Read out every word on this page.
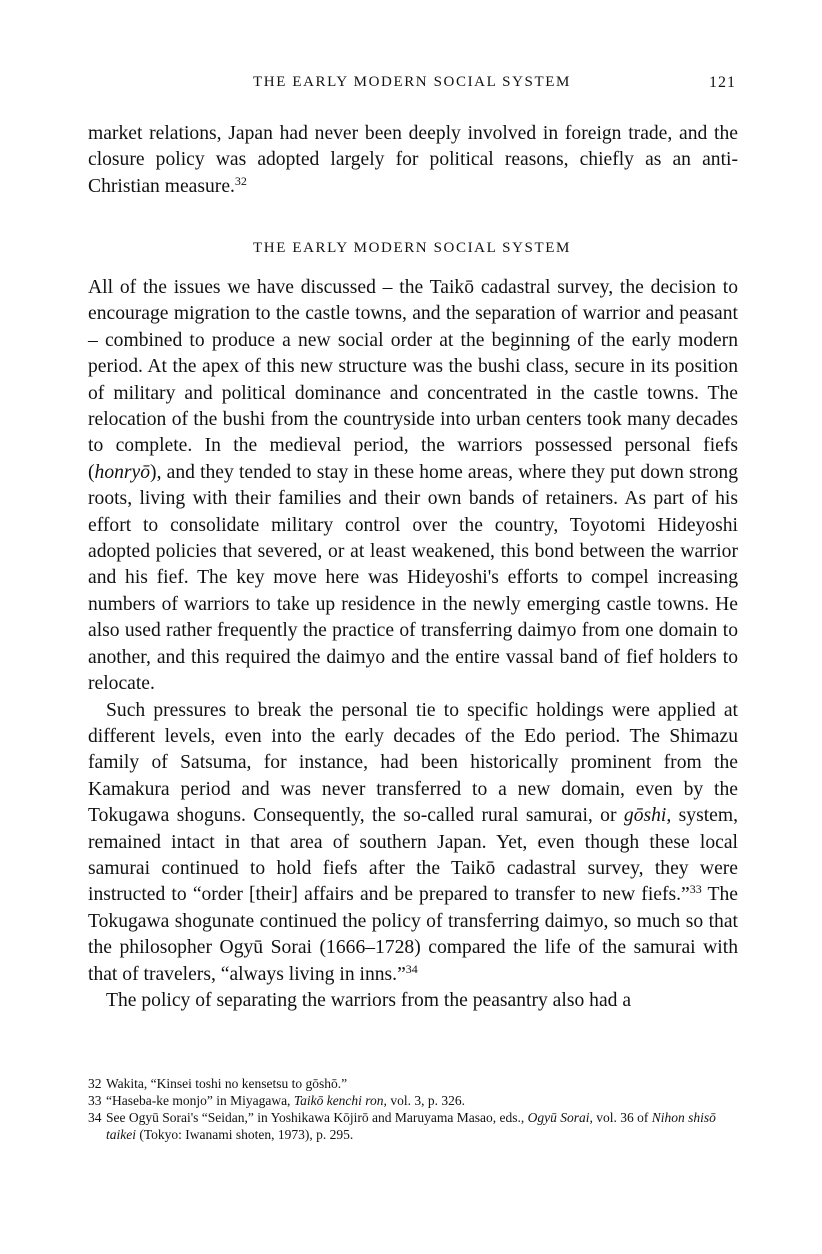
THE EARLY MODERN SOCIAL SYSTEM	121

market relations, Japan had never been deeply involved in foreign trade, and the closure policy was adopted largely for political reasons, chiefly as an anti-Christian measure.$^{32}$

THE EARLY MODERN SOCIAL SYSTEM

All of the issues we have discussed – the Taikō cadastral survey, the decision to encourage migration to the castle towns, and the separation of warrior and peasant – combined to produce a new social order at the beginning of the early modern period. At the apex of this new structure was the bushi class, secure in its position of military and political dominance and concentrated in the castle towns. The relocation of the bushi from the countryside into urban centers took many decades to complete. In the medieval period, the warriors possessed personal fiefs (honryō), and they tended to stay in these home areas, where they put down strong roots, living with their families and their own bands of retainers. As part of his effort to consolidate military control over the country, Toyotomi Hideyoshi adopted policies that severed, or at least weakened, this bond between the warrior and his fief. The key move here was Hideyoshi's efforts to compel increasing numbers of warriors to take up residence in the newly emerging castle towns. He also used rather frequently the practice of transferring daimyo from one domain to another, and this required the daimyo and the entire vassal band of fief holders to relocate.

Such pressures to break the personal tie to specific holdings were applied at different levels, even into the early decades of the Edo period. The Shimazu family of Satsuma, for instance, had been historically prominent from the Kamakura period and was never transferred to a new domain, even by the Tokugawa shoguns. Consequently, the so-called rural samurai, or gōshi, system, remained intact in that area of southern Japan. Yet, even though these local samurai continued to hold fiefs after the Taikō cadastral survey, they were instructed to “order [their] affairs and be prepared to transfer to new fiefs.”$^{33}$ The Tokugawa shogunate continued the policy of transferring daimyo, so much so that the philosopher Ogyū Sorai (1666–1728) compared the life of the samurai with that of travelers, “always living in inns.”$^{34}$

The policy of separating the warriors from the peasantry also had a

32 Wakita, “Kinsei toshi no kensetsu to gōshō.”
33 “Haseba-ke monjo” in Miyagawa, Taikō kenchi ron, vol. 3, p. 326.
34 See Ogyū Sorai's “Seidan,” in Yoshikawa Kōjirō and Maruyama Masao, eds., Ogyū Sorai, vol. 36 of Nihon shisō taikei (Tokyo: Iwanami shoten, 1973), p. 295.
